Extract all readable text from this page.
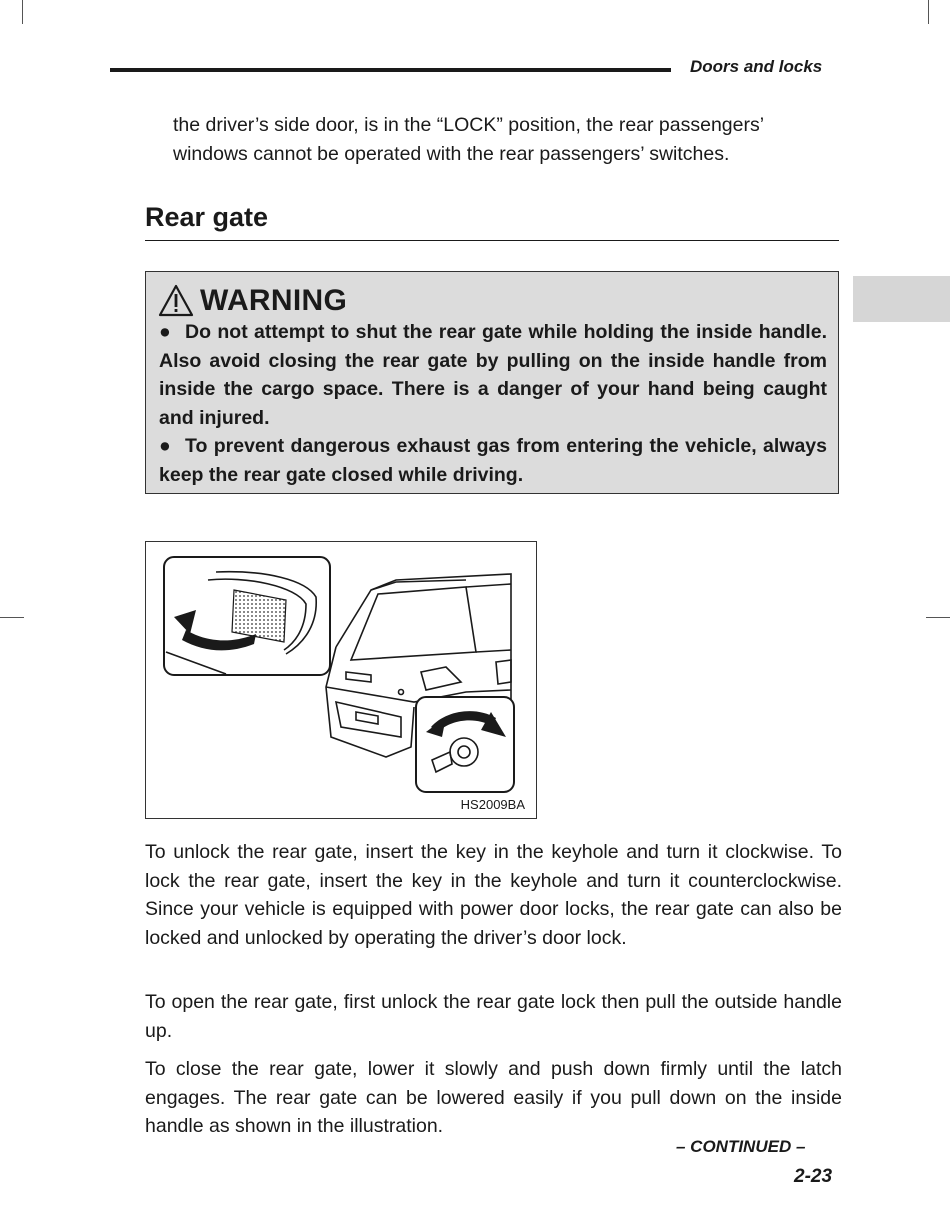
Doors and locks
the driver’s side door, is in the “LOCK” position, the rear passengers’ windows cannot be operated with the rear passengers’ switches.
Rear gate
WARNING

● Do not attempt to shut the rear gate while holding the inside handle. Also avoid closing the rear gate by pulling on the inside handle from inside the cargo space. There is a danger of your hand being caught and injured.

● To prevent dangerous exhaust gas from entering the vehicle, always keep the rear gate closed while driving.

HS2009BA

To unlock the rear gate, insert the key in the keyhole and turn it clockwise. To lock the rear gate, insert the key in the keyhole and turn it counterclockwise. Since your vehicle is equipped with power door locks, the rear gate can also be locked and unlocked by operating the driver’s door lock.

To open the rear gate, first unlock the rear gate lock then pull the outside handle up.

To close the rear gate, lower it slowly and push down firmly until the latch engages. The rear gate can be lowered easily if you pull down on the inside handle as shown in the illustration.

– CONTINUED –
2-23
